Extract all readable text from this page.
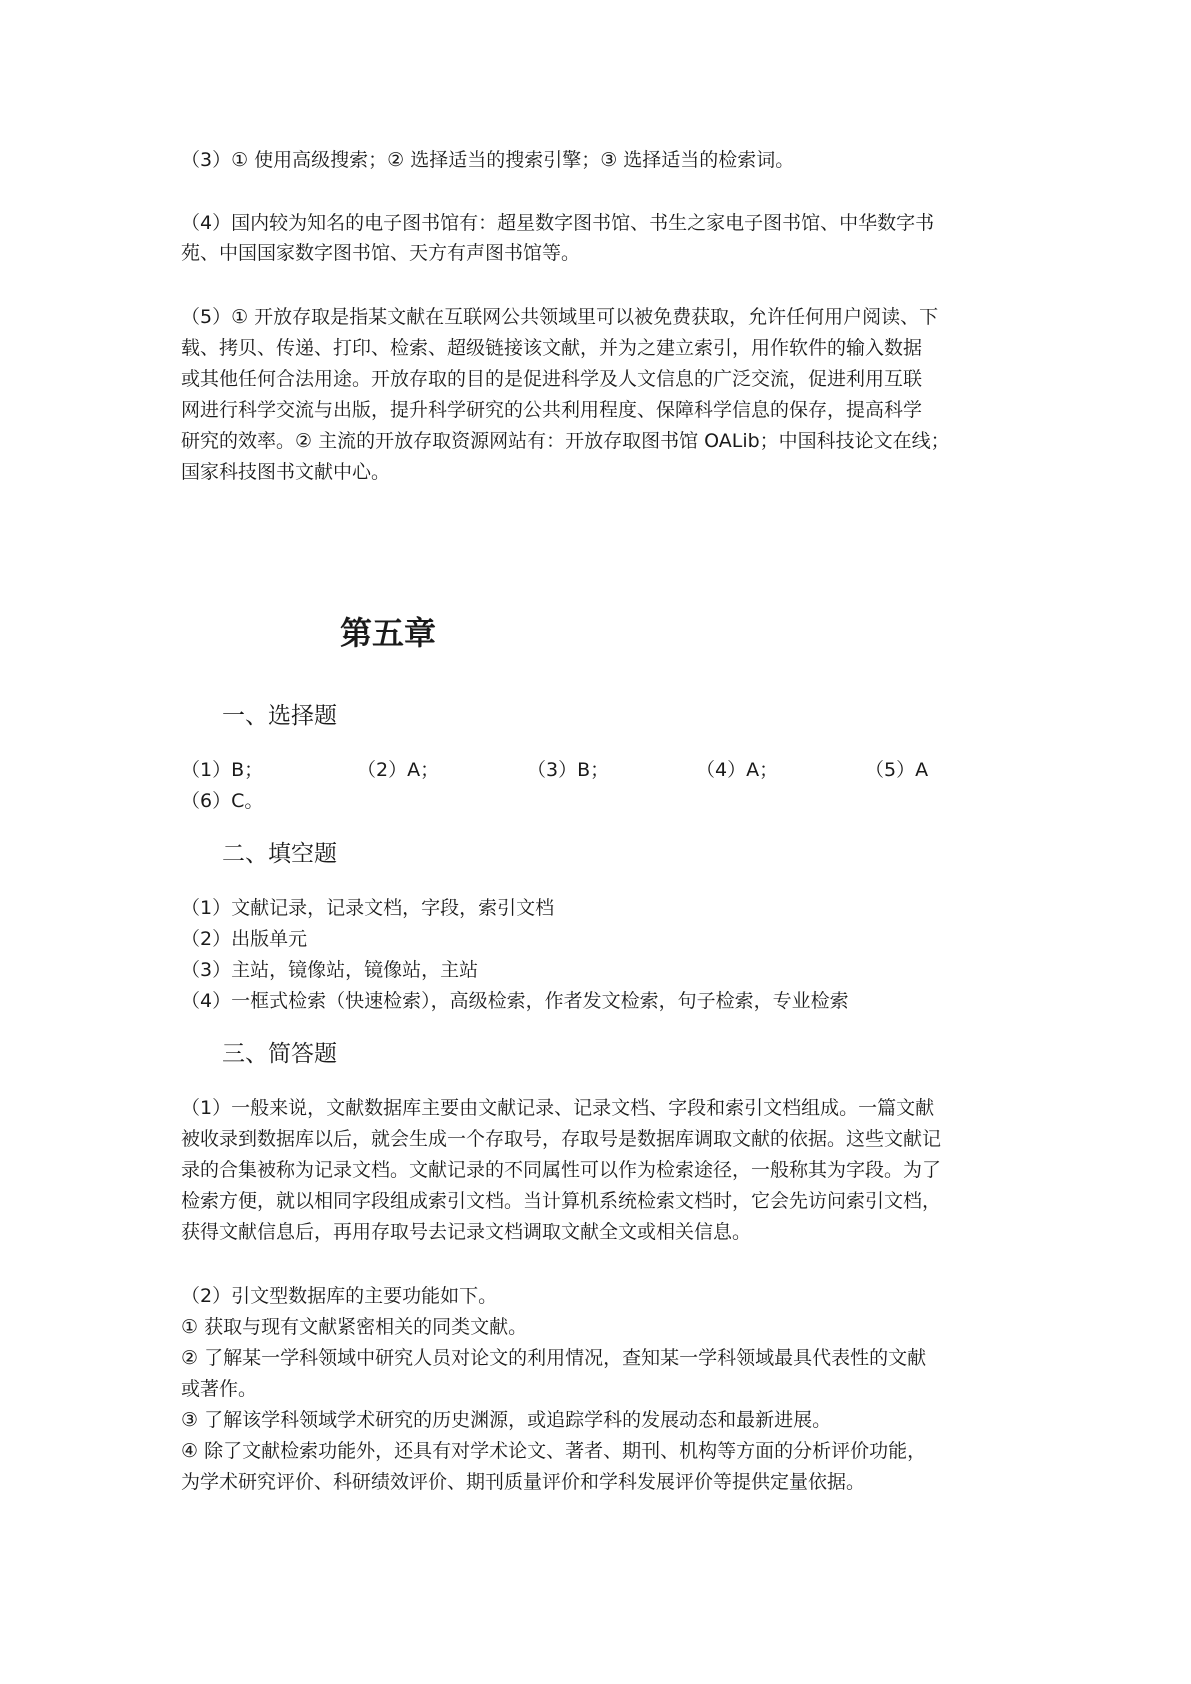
（3）① 使用高级搜索；② 选择适当的搜索引擎；③ 选择适当的检索词。
（4）国内较为知名的电子图书馆有：超星数字图书馆、书生之家电子图书馆、中华数字书
苑、中国国家数字图书馆、天方有声图书馆等。
（5）① 开放存取是指某文献在互联网公共领域里可以被免费获取，允许任何用户阅读、下
载、拷贝、传递、打印、检索、超级链接该文献，并为之建立索引，用作软件的输入数据
或其他任何合法用途。开放存取的目的是促进科学及人文信息的广泛交流，促进利用互联
网进行科学交流与出版，提升科学研究的公共利用程度、保障科学信息的保存，提高科学
研究的效率。② 主流的开放存取资源网站有：开放存取图书馆 OALib；中国科技论文在线；
国家科技图书文献中心。
第五章
一、选择题
（1）B；	（2）A；	（3）B；	（4）A；	（5）A
（6）C。
二、填空题
（1）文献记录，记录文档，字段，索引文档
（2）出版单元
（3）主站，镜像站，镜像站，主站
（4）一框式检索（快速检索），高级检索，作者发文检索，句子检索，专业检索
三、简答题
（1）一般来说，文献数据库主要由文献记录、记录文档、字段和索引文档组成。一篇文献
被收录到数据库以后，就会生成一个存取号，存取号是数据库调取文献的依据。这些文献记
录的合集被称为记录文档。文献记录的不同属性可以作为检索途径，一般称其为字段。为了
检索方便，就以相同字段组成索引文档。当计算机系统检索文档时，它会先访问索引文档，
获得文献信息后，再用存取号去记录文档调取文献全文或相关信息。
（2）引文型数据库的主要功能如下。
① 获取与现有文献紧密相关的同类文献。
② 了解某一学科领域中研究人员对论文的利用情况，查知某一学科领域最具代表性的文献
或著作。
③ 了解该学科领域学术研究的历史渊源，或追踪学科的发展动态和最新进展。
④ 除了文献检索功能外，还具有对学术论文、著者、期刊、机构等方面的分析评价功能，
为学术研究评价、科研绩效评价、期刊质量评价和学科发展评价等提供定量依据。
